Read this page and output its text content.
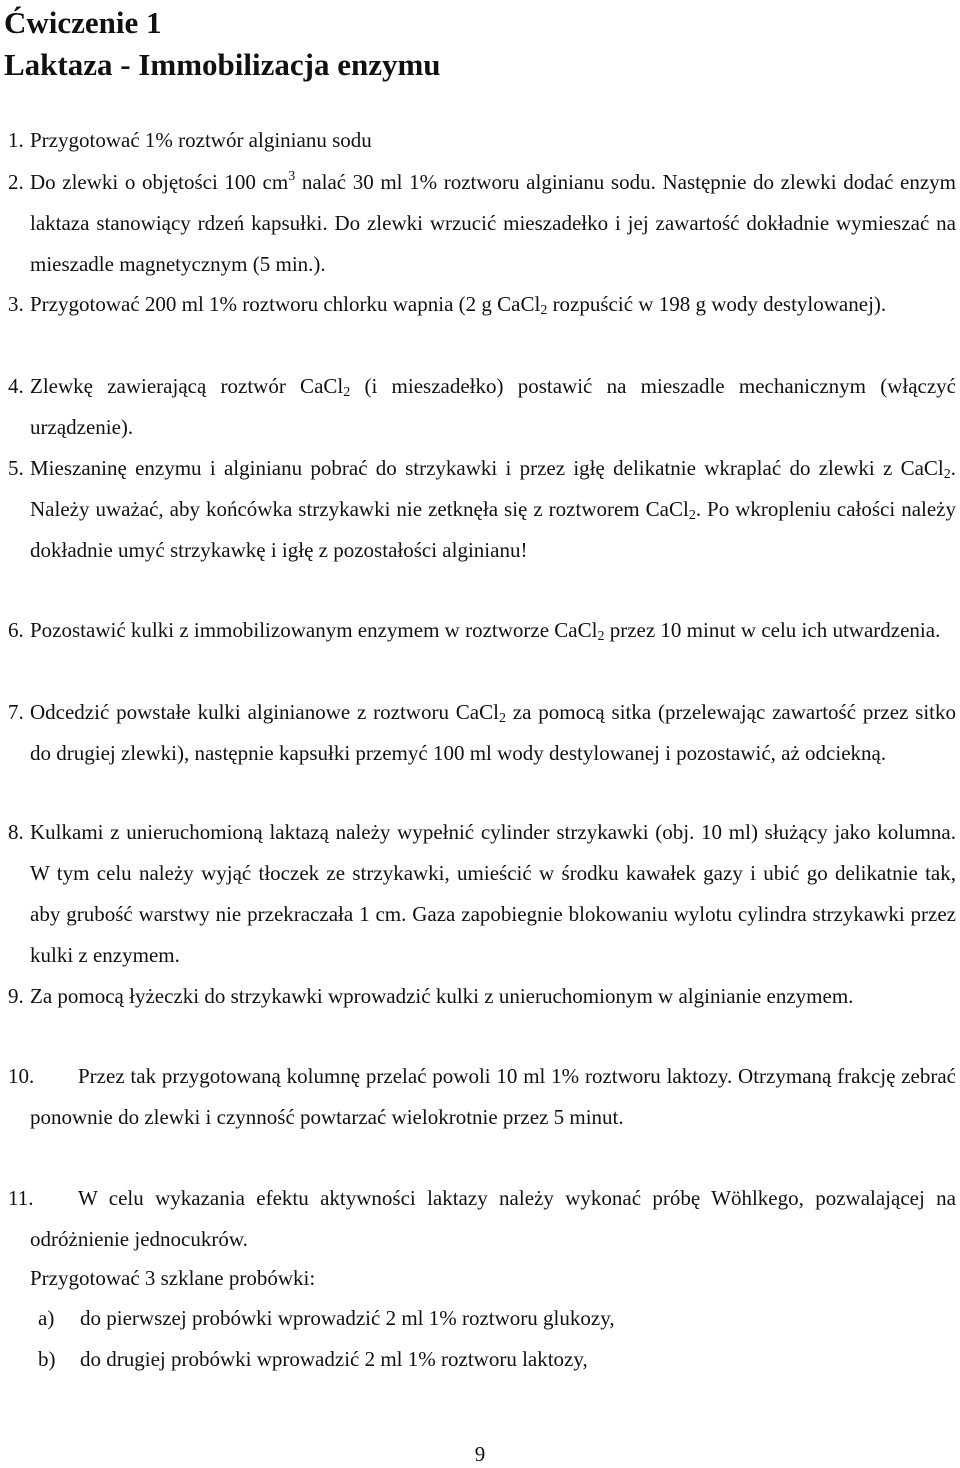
Ćwiczenie 1
Laktaza - Immobilizacja enzymu
1. Przygotować 1% roztwór alginianu sodu
2. Do zlewki o objętości 100 $cm^3$ nalać 30 ml 1% roztworu alginianu sodu. Następnie do zlewki dodać enzym laktaza stanowiący rdzeń kapsułki. Do zlewki wrzucić mieszadełko i jej zawartość dokładnie wymieszać na mieszadle magnetycznym (5 min.).
3. Przygotować 200 ml 1% roztworu chlorku wapnia (2 g CaCl$_2$ rozpuścić w 198 g wody destylowanej).
4. Zlewkę zawierającą roztwór CaCl$_2$ (i mieszadełko) postawić na mieszadle mechanicznym (włączyć urządzenie).
5. Mieszaninę enzymu i alginianu pobrać do strzykawki i przez igłę delikatnie wkraplać do zlewki z CaCl$_2$. Należy uważać, aby końcówka strzykawki nie zetknęła się z roztworem CaCl$_2$. Po wkropleniu całości należy dokładnie umyć strzykawkę i igłę z pozostałości alginianu!
6. Pozostawić kulki z immobilizowanym enzymem w roztworze CaCl$_2$ przez 10 minut w celu ich utwardzenia.
7. Odcedzić powstałe kulki alginianowe z roztworu CaCl$_2$ za pomocą sitka (przelewając zawartość przez sitko do drugiej zlewki), następnie kapsułki przemyć 100 ml wody destylowanej i pozostawić, aż odciekną.
8. Kulkami z unieruchomioną laktazą należy wypełnić cylinder strzykawki (obj. 10 ml) służący jako kolumna. W tym celu należy wyjąć tłoczek ze strzykawki, umieścić w środku kawałek gazy i ubić go delikatnie tak, aby grubość warstwy nie przekraczała 1 cm. Gaza zapobiegnie blokowaniu wylotu cylindra strzykawki przez kulki z enzymem.
9. Za pomocą łyżeczki do strzykawki wprowadzić kulki z unieruchomionym w alginianie enzymem.
10.	Przez tak przygotowaną kolumnę przelać powoli 10 ml 1% roztworu laktozy. Otrzymaną frakcję zebrać ponownie do zlewki i czynność powtarzać wielokrotnie przez 5 minut.
11.	W celu wykazania efektu aktywności laktazy należy wykonać próbę Wöhlkego, pozwalającej na odróżnienie jednocukrów.
Przygotować 3 szklane probówki:
a) do pierwszej probówki wprowadzić 2 ml 1% roztworu glukozy,
b) do drugiej probówki wprowadzić 2 ml 1% roztworu laktozy,
9
